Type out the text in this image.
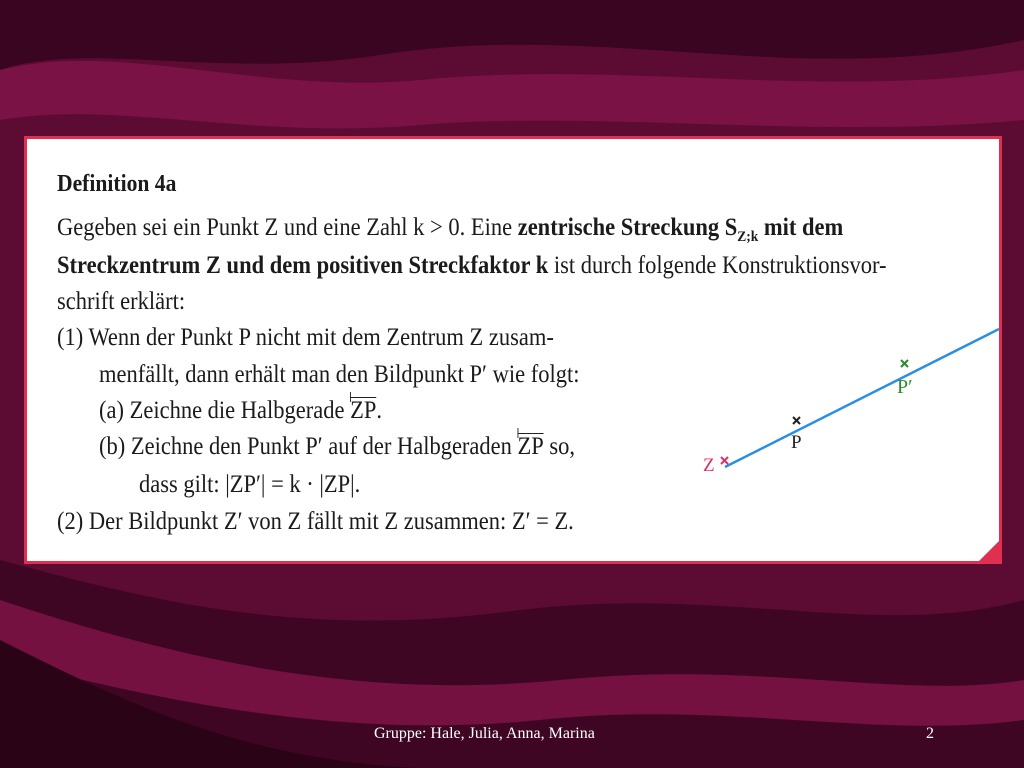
Definition 4a

Gegeben sei ein Punkt Z und eine Zahl k > 0. Eine zentrische Streckung $S_{Z;k}$ mit dem

Streckzentrum Z und dem positiven Streckfaktor k ist durch folgende Konstruktionsvor-

schrift erklärt:

(1) Wenn der Punkt P nicht mit dem Zentrum Z zusam-

menfällt, dann erhält man den Bildpunkt P′ wie folgt:

(a) Zeichne die Halbgerade ZP.

(b) Zeichne den Punkt P′ auf der Halbgeraden ZP so,

dass gilt: |ZP′| = k · |ZP|.

(2) Der Bildpunkt Z′ von Z fällt mit Z zusammen: Z′ = Z.

Z
P
P′
Gruppe: Hale, Julia, Anna, Marina	2
